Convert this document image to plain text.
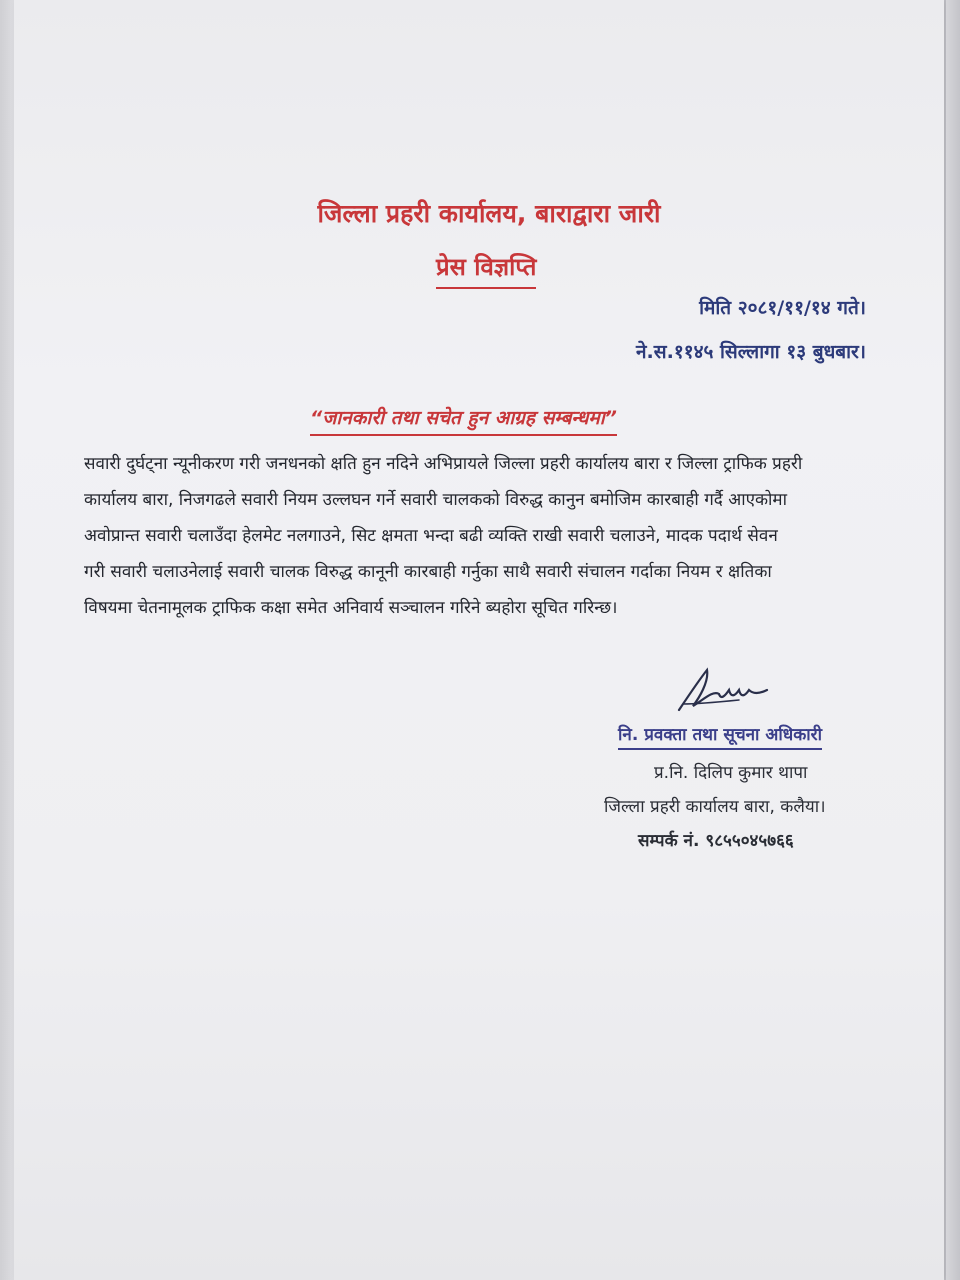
जिल्ला प्रहरी कार्यालय, बाराद्वारा जारी
प्रेस विज्ञप्ति
मिति २०८१/११/१४ गते।
ने.स.११४५ सिल्लागा १३ बुधबार।
“जानकारी तथा सचेत हुन आग्रह सम्बन्धमा”
सवारी दुर्घट्ना न्यूनीकरण गरी जनधनको क्षति हुन नदिने अभिप्रायले जिल्ला प्रहरी कार्यालय बारा र जिल्ला ट्राफिक प्रहरी
कार्यालय बारा, निजगढले सवारी नियम उल्लघन गर्ने सवारी चालकको विरुद्ध कानुन बमोजिम कारबाही गर्दै आएकोमा
अवोप्रान्त सवारी चलाउँदा हेलमेट नलगाउने, सिट क्षमता भन्दा बढी व्यक्ति राखी सवारी चलाउने, मादक पदार्थ सेवन
गरी सवारी चलाउनेलाई सवारी चालक विरुद्ध कानूनी कारबाही गर्नुका साथै सवारी संचालन गर्दाका नियम र क्षतिका
विषयमा चेतनामूलक ट्राफिक कक्षा समेत अनिवार्य सञ्चालन गरिने ब्यहोरा सूचित गरिन्छ।
नि. प्रवक्ता तथा सूचना अधिकारी
प्र.नि. दिलिप कुमार थापा
जिल्ला प्रहरी कार्यालय बारा, कलैया।
सम्पर्क नं. ९८५५०४५७६६
